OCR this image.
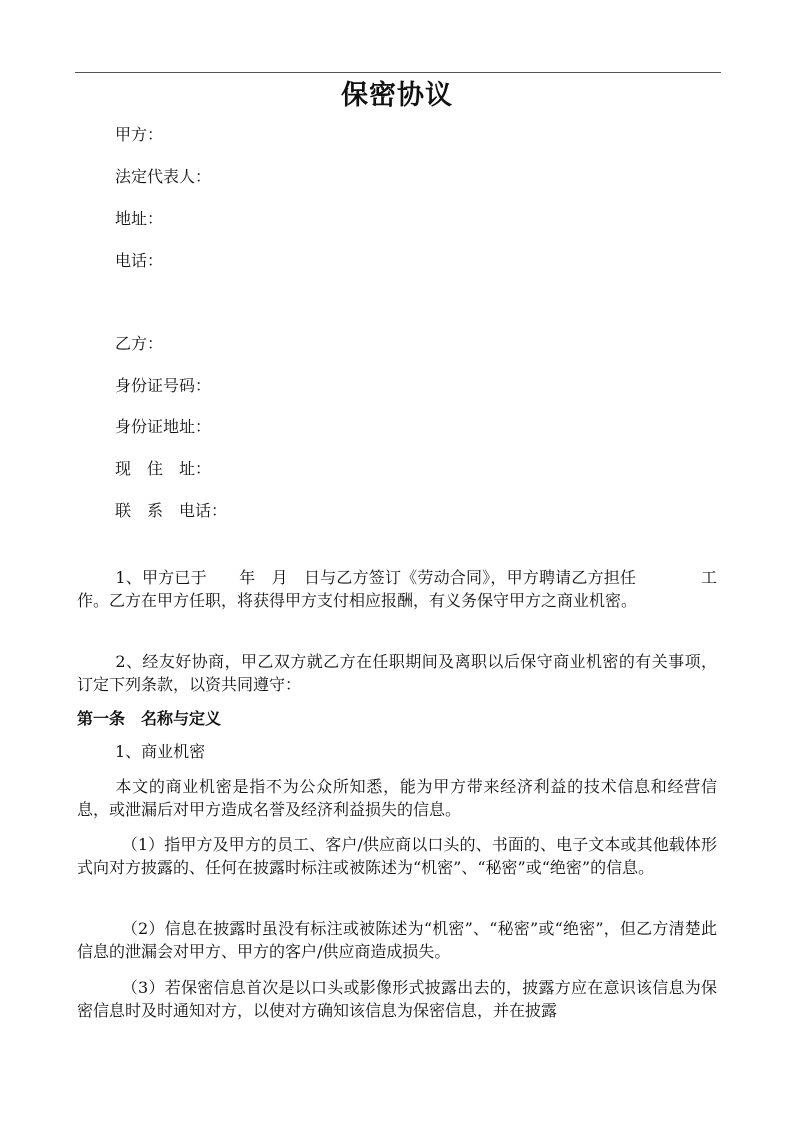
保密协议
甲方：
法定代表人：
地址：
电话：
乙方：
身份证号码：
身份证地址：
现　住　址：
联　系　电话：
1、甲方已于　　年　月　日与乙方签订《劳动合同》，甲方聘请乙方担任　　　　工作。乙方在甲方任职，将获得甲方支付相应报酬，有义务保守甲方之商业机密。
2、经友好协商，甲乙双方就乙方在任职期间及离职以后保守商业机密的有关事项，订定下列条款，以资共同遵守：
第一条　名称与定义
1、商业机密
本文的商业机密是指不为公众所知悉，能为甲方带来经济利益的技术信息和经营信息，或泄漏后对甲方造成名誉及经济利益损失的信息。
（1）指甲方及甲方的员工、客户/供应商以口头的、书面的、电子文本或其他载体形式向对方披露的、任何在披露时标注或被陈述为“机密”、“秘密”或“绝密”的信息。
（2）信息在披露时虽没有标注或被陈述为“机密”、“秘密”或“绝密”，但乙方清楚此信息的泄漏会对甲方、甲方的客户/供应商造成损失。
（3）若保密信息首次是以口头或影像形式披露出去的，披露方应在意识该信息为保密信息时及时通知对方，以使对方确知该信息为保密信息，并在披露
